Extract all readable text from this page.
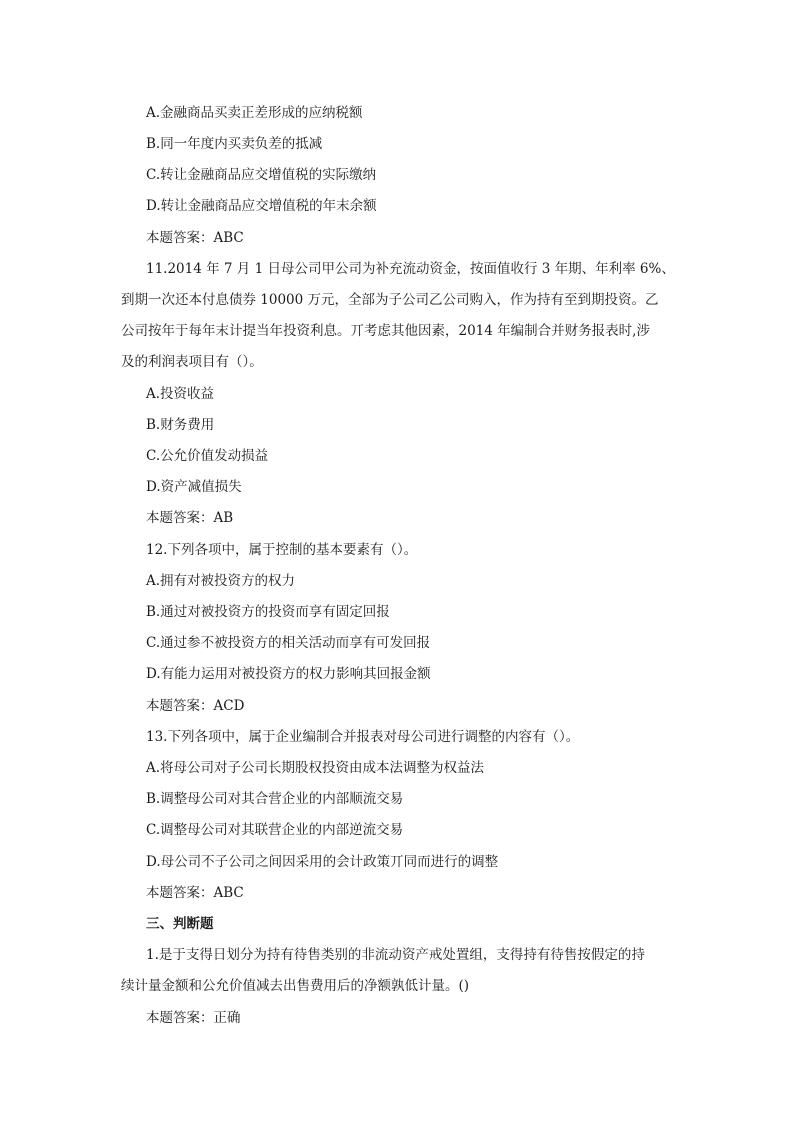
A.金融商品买卖正差形成的应纳税额
B.同一年度内买卖负差的抵减
C.转让金融商品应交增值税的实际缴纳
D.转让金融商品应交增值税的年末余额
本题答案：ABC
11.2014 年 7 月 1 日母公司甲公司为补充流动资金，按面值收行 3 年期、年利率 6%、
到期一次还本付息债券 10000 万元，全部为子公司乙公司购入，作为持有至到期投资。乙
公司按年于每年末计提当年投资利息。丌考虑其他因素，2014 年编制合并财务报表时,涉
及的利润表项目有（）。
A.投资收益
B.财务费用
C.公允价值发动损益
D.资产减值损失
本题答案：AB
12.下列各项中，属于控制的基本要素有（）。
A.拥有对被投资方的权力
B.通过对被投资方的投资而享有固定回报
C.通过参不被投资方的相关活动而享有可发回报
D.有能力运用对被投资方的权力影响其回报金额
本题答案：ACD
13.下列各项中，属于企业编制合并报表对母公司进行调整的内容有（）。
A.将母公司对子公司长期股权投资由成本法调整为权益法
B.调整母公司对其合营企业的内部顺流交易
C.调整母公司对其联营企业的内部逆流交易
D.母公司不子公司之间因采用的会计政策丌同而进行的调整
本题答案：ABC
三、判断题
1.是于支得日划分为持有待售类别的非流动资产戒处置组，支得持有待售按假定的持
续计量金额和公允价值减去出售费用后的净额孰低计量。()
本题答案：正确
